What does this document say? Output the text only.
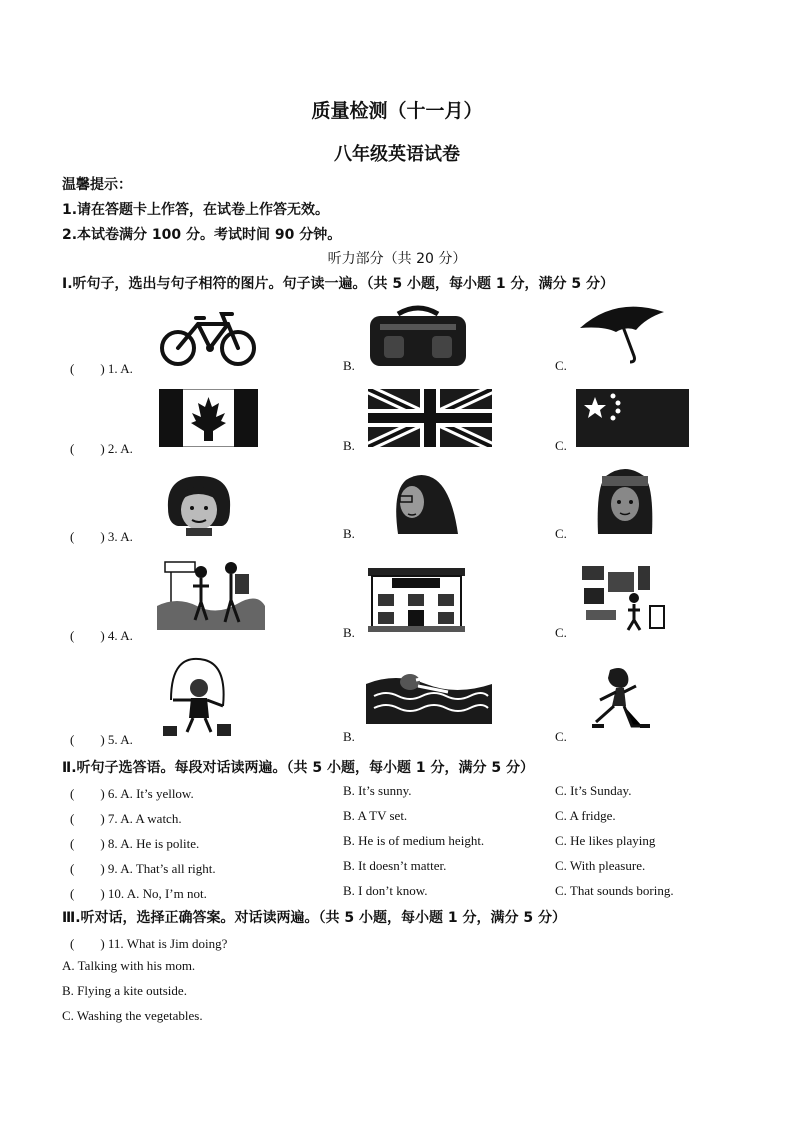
质量检测（十一月）
八年级英语试卷
温馨提示：
1.请在答题卡上作答，在试卷上作答无效。
2.本试卷满分 100 分。考试时间 90 分钟。
听力部分（共 20 分）
Ⅰ.听句子，选出与句子相符的图片。句子读一遍。（共 5 小题，每小题 1 分，满分 5 分）
(　　) 1. A.	B.	C.
(　　) 2. A.	B.	C.
(　　) 3. A.	B.	C.
(　　) 4. A.	B.	C.
(　　) 5. A.	B.	C.
Ⅱ.听句子选答语。每段对话读两遍。（共 5 小题，每小题 1 分，满分 5 分）
(　　) 6. A. It’s yellow.	B. It’s sunny.	C. It’s Sunday.
(　　) 7. A. A watch.	B. A TV set.	C. A fridge.
(　　) 8. A. He is polite.	B. He is of medium height.	C. He likes playing
(　　) 9. A. That’s all right.	B. It doesn’t matter.	C. With pleasure.
(　　) 10. A. No, I’m not.	B. I don’t know.	C. That sounds boring.
Ⅲ.听对话，选择正确答案。对话读两遍。（共 5 小题，每小题 1 分，满分 5 分）
(　　) 11. What is Jim doing?
A. Talking with his mom.
B. Flying a kite outside.
C. Washing the vegetables.
